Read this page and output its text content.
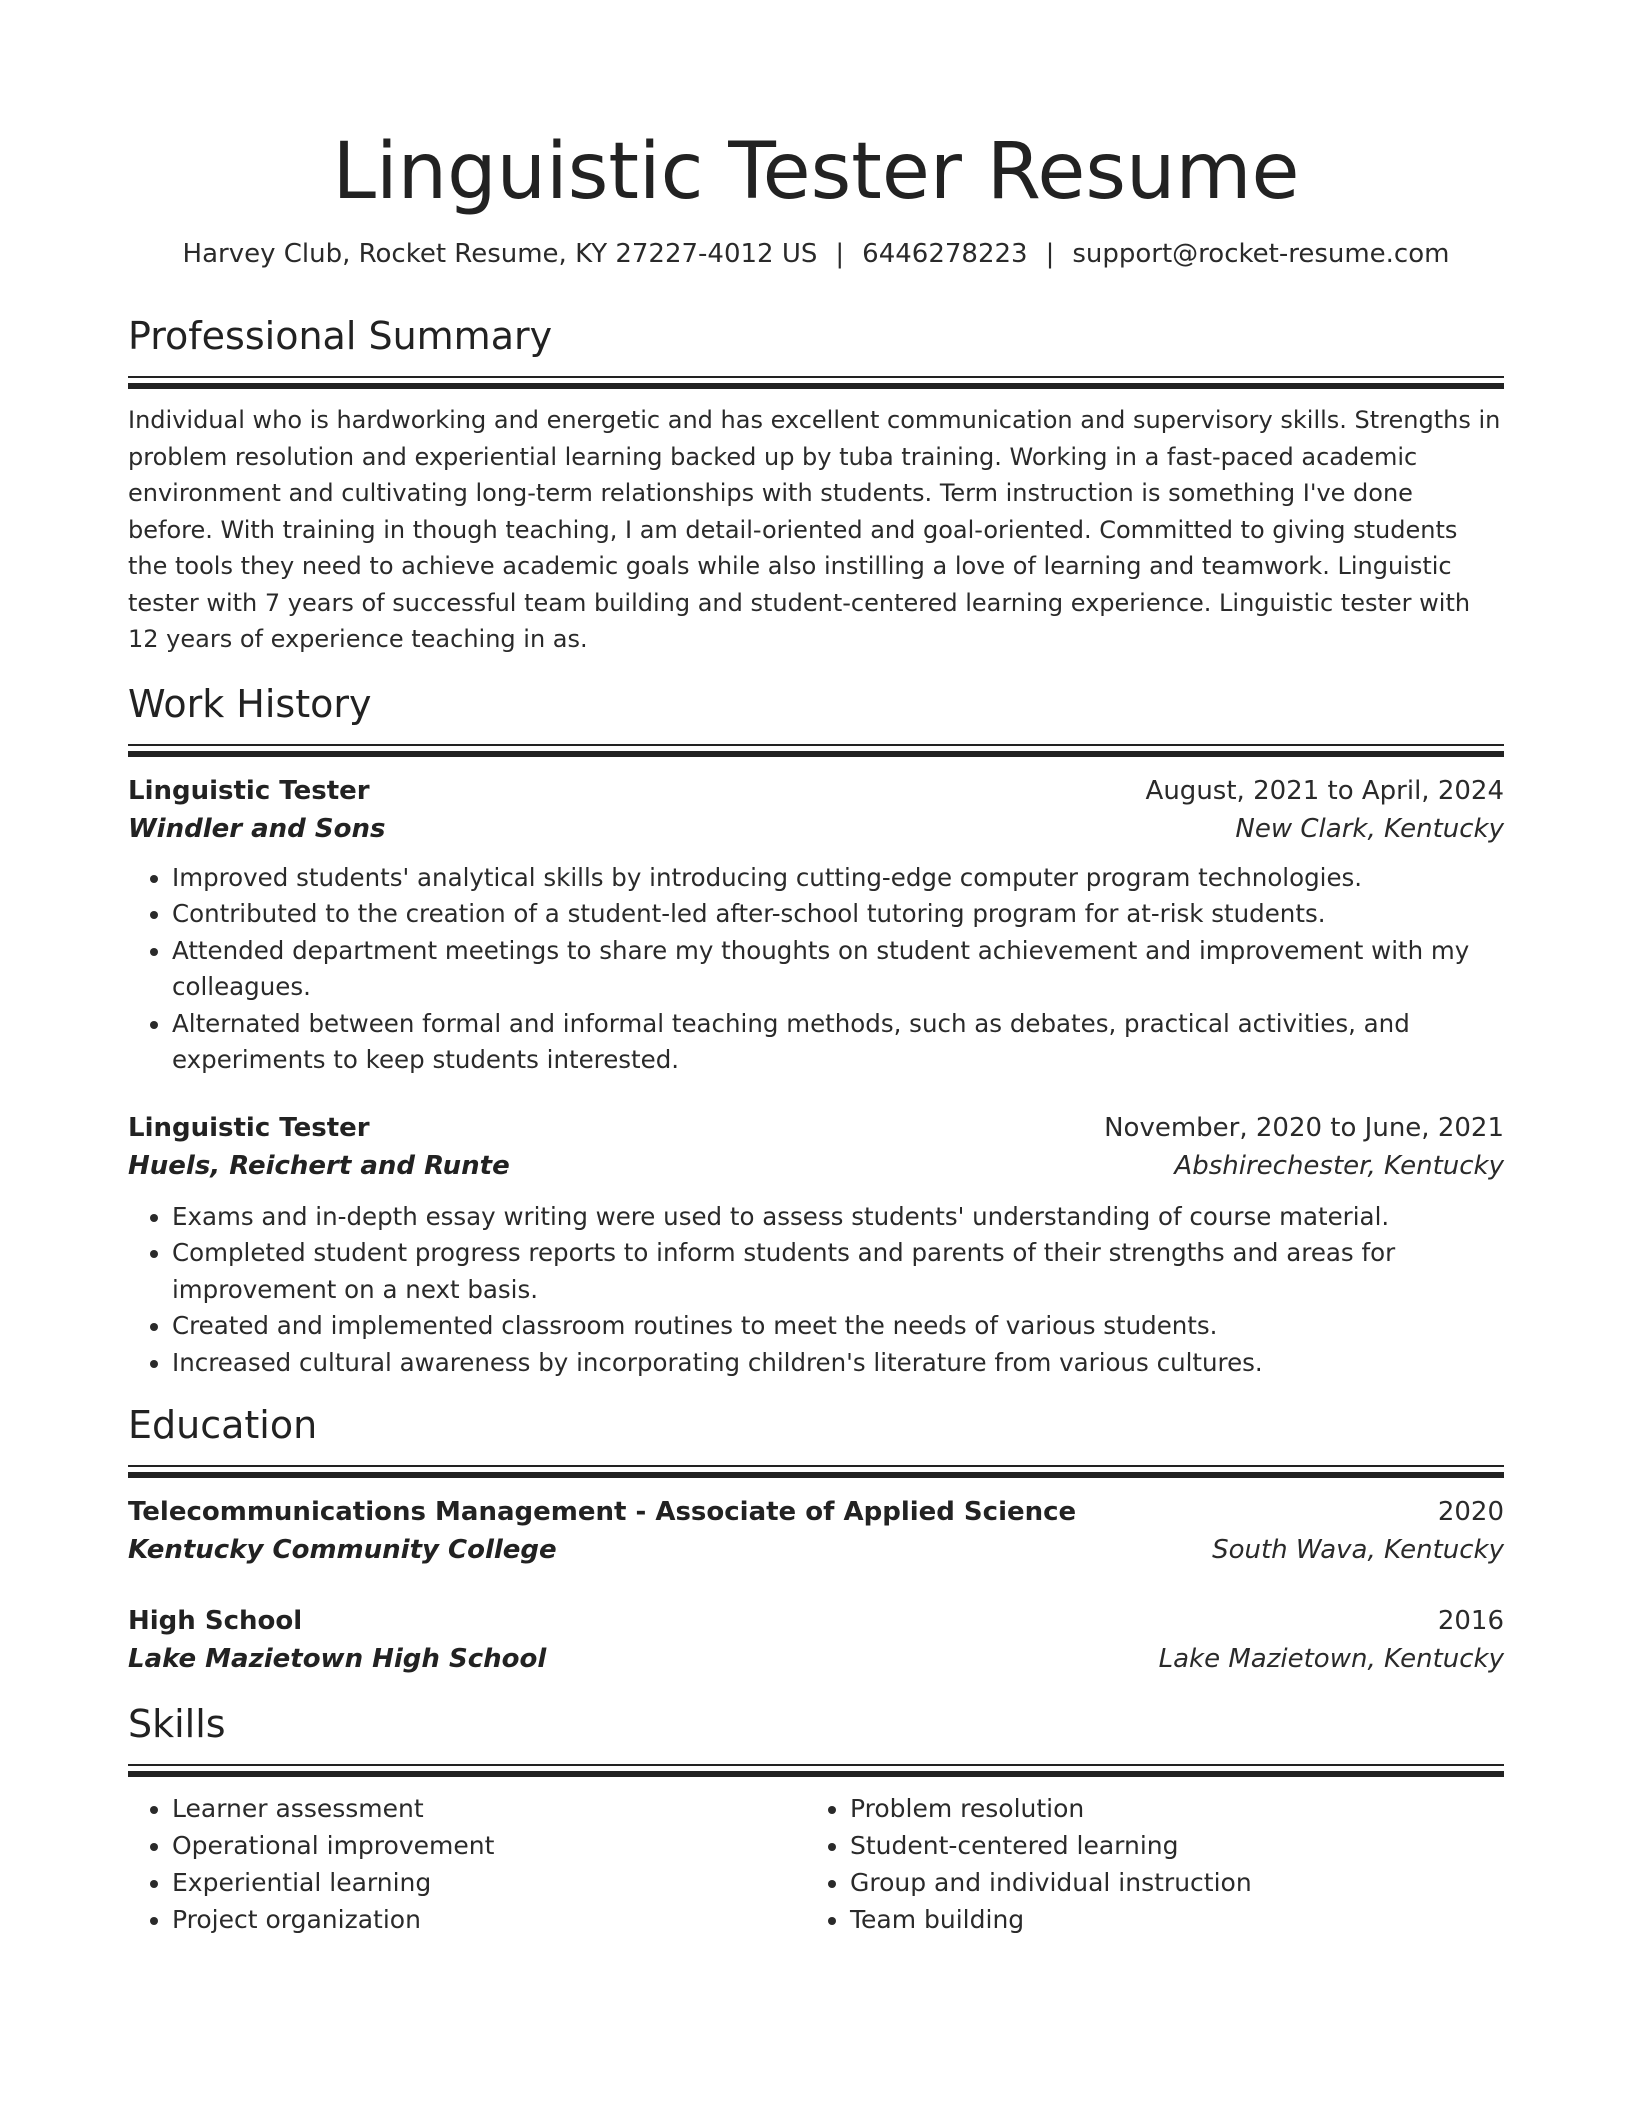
Linguistic Tester Resume
Harvey Club, Rocket Resume, KY 27227-4012 US | 6446278223 | support@rocket-resume.com
Professional Summary
Individual who is hardworking and energetic and has excellent communication and supervisory skills. Strengths in problem resolution and experiential learning backed up by tuba training. Working in a fast-paced academic environment and cultivating long-term relationships with students. Term instruction is something I've done before. With training in though teaching, I am detail-oriented and goal-oriented. Committed to giving students the tools they need to achieve academic goals while also instilling a love of learning and teamwork. Linguistic tester with 7 years of successful team building and student-centered learning experience. Linguistic tester with 12 years of experience teaching in as.
Work History
Linguistic Tester	August, 2021 to April, 2024
Windler and Sons	New Clark, Kentucky
• Improved students' analytical skills by introducing cutting-edge computer program technologies.
• Contributed to the creation of a student-led after-school tutoring program for at-risk students.
• Attended department meetings to share my thoughts on student achievement and improvement with my colleagues.
• Alternated between formal and informal teaching methods, such as debates, practical activities, and experiments to keep students interested.
Linguistic Tester	November, 2020 to June, 2021
Huels, Reichert and Runte	Abshirechester, Kentucky
• Exams and in-depth essay writing were used to assess students' understanding of course material.
• Completed student progress reports to inform students and parents of their strengths and areas for improvement on a next basis.
• Created and implemented classroom routines to meet the needs of various students.
• Increased cultural awareness by incorporating children's literature from various cultures.
Education
Telecommunications Management - Associate of Applied Science	2020
Kentucky Community College	South Wava, Kentucky
High School	2016
Lake Mazietown High School	Lake Mazietown, Kentucky
Skills
• Learner assessment
• Operational improvement
• Experiential learning
• Project organization
• Problem resolution
• Student-centered learning
• Group and individual instruction
• Team building
